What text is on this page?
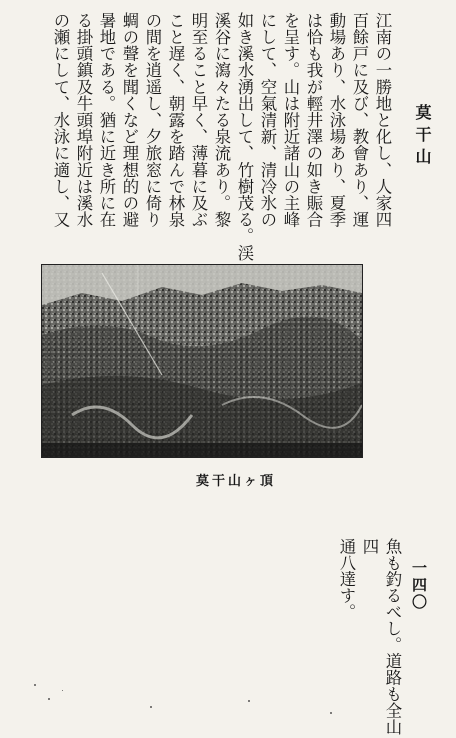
莫干山
江南の一勝地と化し、人家四
百餘戸に及び、教會あり、運
動場あり、水泳場あり、夏季
は恰も我が輕井澤の如き賑合
を呈す。山は附近諸山の主峰
にして、空氣清新、清冷氷の
如き溪水湧出して、竹樹茂る。渓
溪谷に瀉々たる泉流あり。黎
明至ること早く、薄暮に及ぶ
こと遅く、朝露を踏んで林泉
の間を逍遥し、夕旅窓に倚り
蜩の聲を聞くなど理想的の避
暑地である。猶に近き所に在
る掛頭鎮及牛頭埠附近は溪水
の瀬にして、水泳に適し、又
莫干山ヶ頂
魚も釣るべし。道路も全山四
通八達す。	一四〇
